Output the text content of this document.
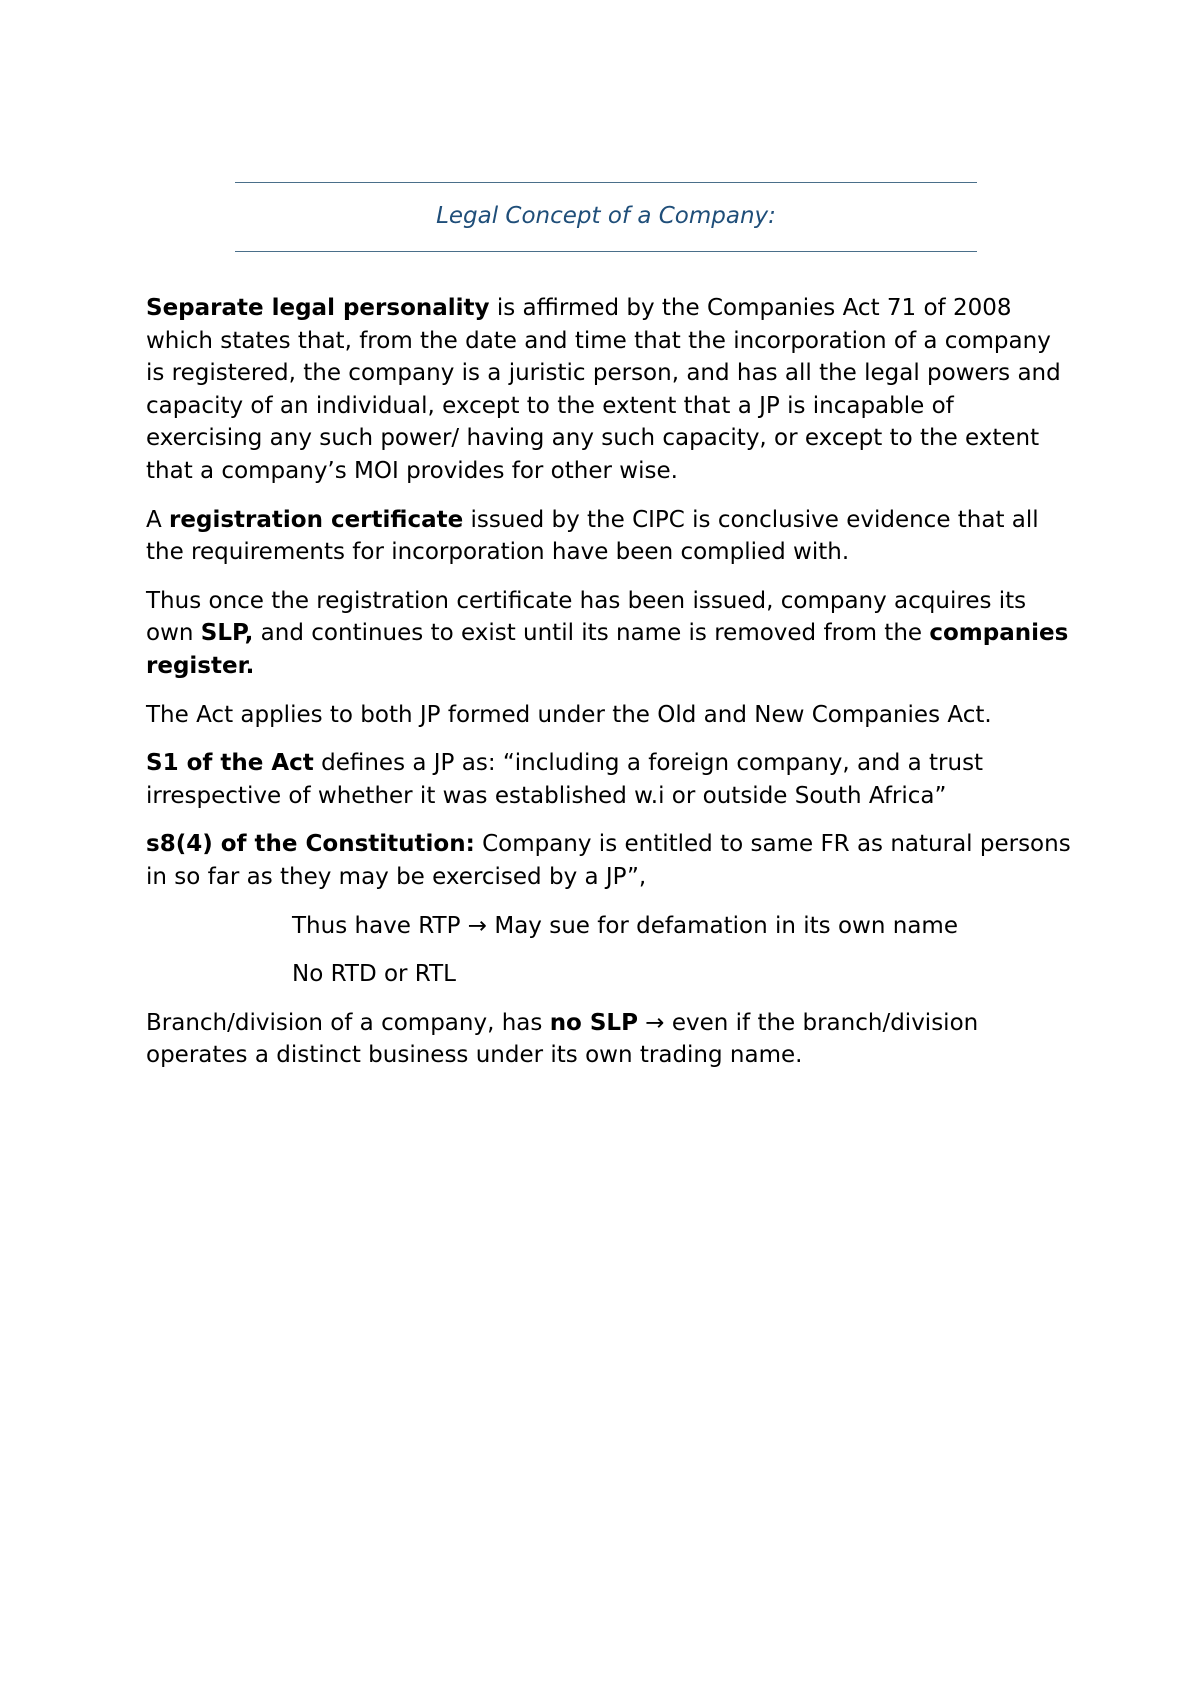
Legal Concept of a Company:

Separate legal personality is affirmed by the Companies Act 71 of 2008 which states that, from the date and time that the incorporation of a company is registered, the company is a juristic person, and has all the legal powers and capacity of an individual, except to the extent that a JP is incapable of exercising any such power/ having any such capacity, or except to the extent that a company’s MOI provides for other wise.

A registration certificate issued by the CIPC is conclusive evidence that all the requirements for incorporation have been complied with.

Thus once the registration certificate has been issued, company acquires its own SLP, and continues to exist until its name is removed from the companies register.

The Act applies to both JP formed under the Old and New Companies Act.

S1 of the Act defines a JP as: “including a foreign company, and a trust irrespective of whether it was established w.i or outside South Africa”

s8(4) of the Constitution: Company is entitled to same FR as natural persons in so far as they may be exercised by a JP”,

Thus have RTP → May sue for defamation in its own name

No RTD or RTL

Branch/division of a company, has no SLP → even if the branch/division operates a distinct business under its own trading name.
